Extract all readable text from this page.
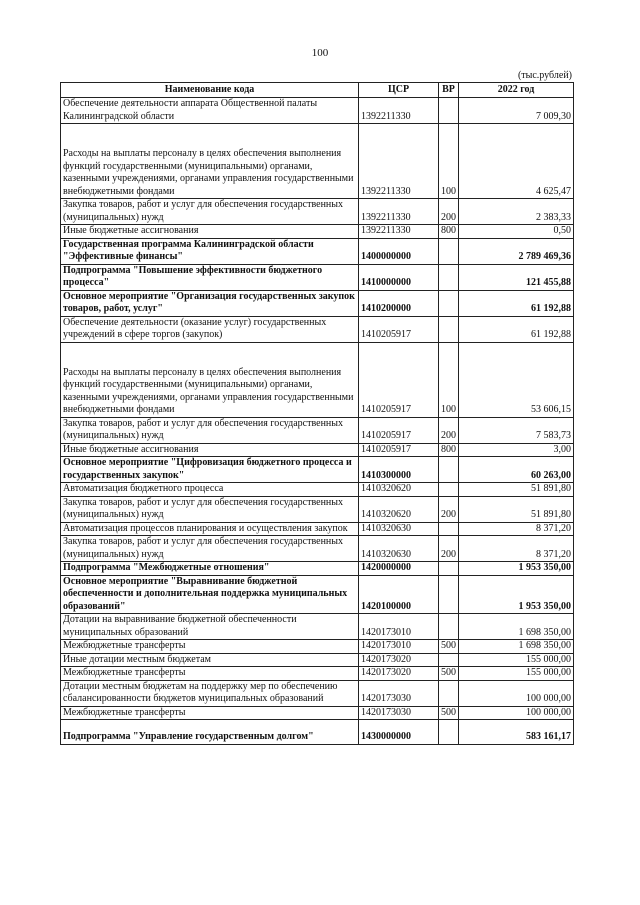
100
(тыс.рублей)
Наименование кода	ЦСР	ВР	2022 год
Обеспечение деятельности аппарата Общественной палаты Калининградской области	1392211330		7 009,30
Расходы на выплаты персоналу в целях обеспечения выполнения функций государственными (муниципальными) органами, казенными учреждениями, органами управления государственными внебюджетными фондами	1392211330	100	4 625,47
Закупка товаров, работ и услуг для обеспечения государственных (муниципальных) нужд	1392211330	200	2 383,33
Иные бюджетные ассигнования	1392211330	800	0,50
Государственная программа Калининградской области "Эффективные финансы"	1400000000		2 789 469,36
Подпрограмма "Повышение эффективности бюджетного процесса"	1410000000		121 455,88
Основное мероприятие "Организация государственных закупок товаров, работ, услуг"	1410200000		61 192,88
Обеспечение деятельности (оказание услуг) государственных учреждений в сфере торгов (закупок)	1410205917		61 192,88
Расходы на выплаты персоналу в целях обеспечения выполнения функций государственными (муниципальными) органами, казенными учреждениями, органами управления государственными внебюджетными фондами	1410205917	100	53 606,15
Закупка товаров, работ и услуг для обеспечения государственных (муниципальных) нужд	1410205917	200	7 583,73
Иные бюджетные ассигнования	1410205917	800	3,00
Основное мероприятие "Цифровизация бюджетного процесса и государственных закупок"	1410300000		60 263,00
Автоматизация бюджетного процесса	1410320620		51 891,80
Закупка товаров, работ и услуг для обеспечения государственных (муниципальных) нужд	1410320620	200	51 891,80
Автоматизация процессов планирования и осуществления закупок	1410320630		8 371,20
Закупка товаров, работ и услуг для обеспечения государственных (муниципальных) нужд	1410320630	200	8 371,20
Подпрограмма "Межбюджетные отношения"	1420000000		1 953 350,00
Основное мероприятие "Выравнивание бюджетной обеспеченности и дополнительная поддержка муниципальных образований"	1420100000		1 953 350,00
Дотации на выравнивание бюджетной обеспеченности муниципальных образований	1420173010		1 698 350,00
Межбюджетные трансферты	1420173010	500	1 698 350,00
Иные дотации местным бюджетам	1420173020		155 000,00
Межбюджетные трансферты	1420173020	500	155 000,00
Дотации местным бюджетам на поддержку мер по обеспечению сбалансированности бюджетов муниципальных образований	1420173030		100 000,00
Межбюджетные трансферты	1420173030	500	100 000,00
Подпрограмма "Управление государственным долгом"	1430000000		583 161,17
